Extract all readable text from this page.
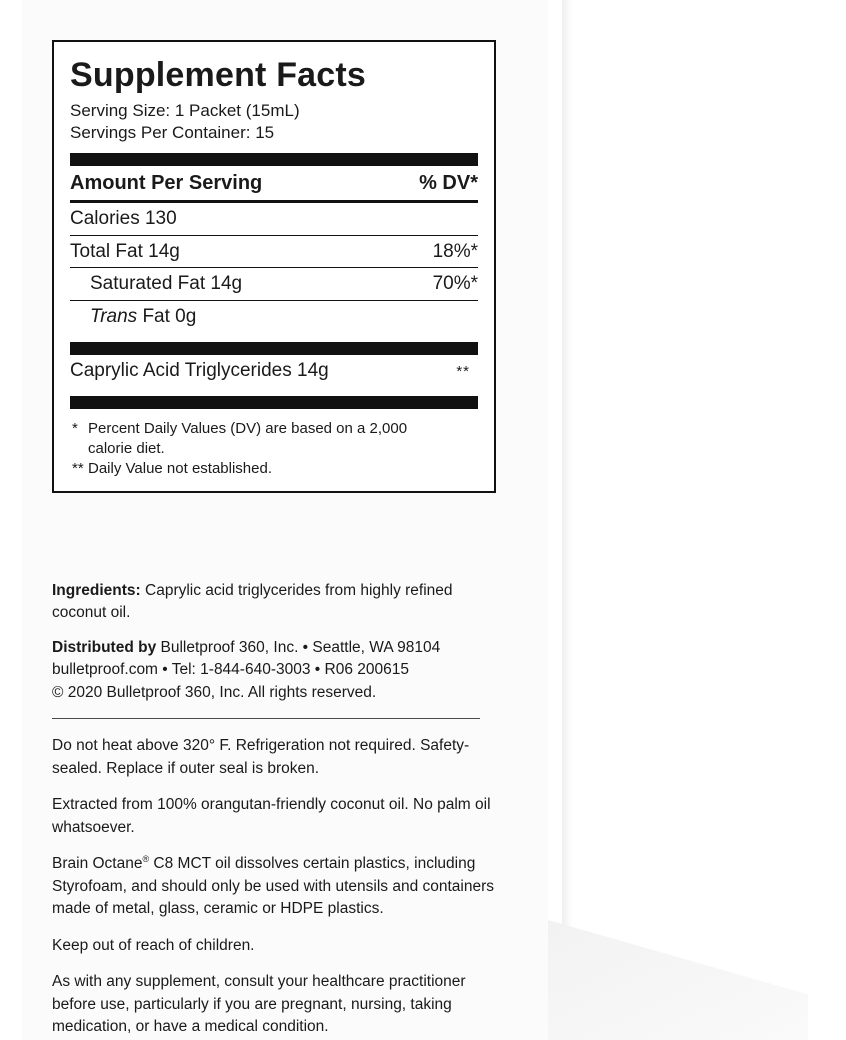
Supplement Facts
Serving Size: 1 Packet (15mL)
Servings Per Container: 15
Amount Per Serving	% DV*
Calories 130
Total Fat 14g	18%*
Saturated Fat 14g	70%*
Trans Fat 0g
Caprylic Acid Triglycerides 14g	**
* Percent Daily Values (DV) are based on a 2,000
calorie diet.
** Daily Value not established.

Ingredients: Caprylic acid triglycerides from highly refined coconut oil.

Distributed by Bulletproof 360, Inc. • Seattle, WA 98104
bulletproof.com • Tel: 1-844-640-3003 • R06 200615
© 2020 Bulletproof 360, Inc. All rights reserved.

Do not heat above 320° F. Refrigeration not required. Safety-sealed. Replace if outer seal is broken.
Extracted from 100% orangutan-friendly coconut oil. No palm oil whatsoever.
Brain Octane® C8 MCT oil dissolves certain plastics, including Styrofoam, and should only be used with utensils and containers made of metal, glass, ceramic or HDPE plastics.
Keep out of reach of children.
As with any supplement, consult your healthcare practitioner before use, particularly if you are pregnant, nursing, taking medication, or have a medical condition.
